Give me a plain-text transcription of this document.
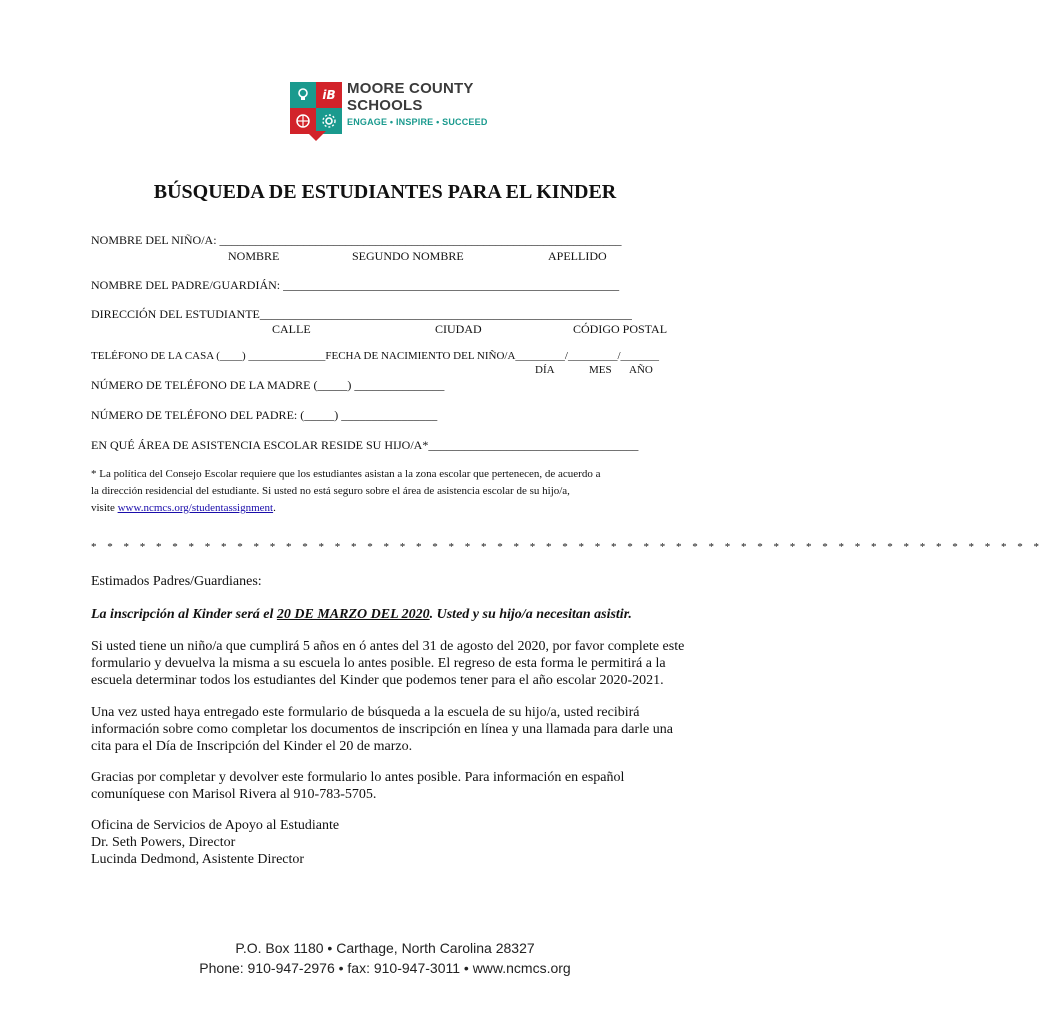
iB MOORE COUNTY
SCHOOLS
ENGAGE • INSPIRE • SUCCEED
BÚSQUEDA DE ESTUDIANTES PARA EL KINDER
NOMBRE DEL NIÑO/A: ___________________________________________________________________
NOMBRE	SEGUNDO NOMBRE	APELLIDO
NOMBRE DEL PADRE/GUARDIÁN: ________________________________________________________
DIRECCIÓN DEL ESTUDIANTE______________________________________________________________
CALLE	CIUDAD	CÓDIGO POSTAL
TELÉFONO DE LA CASA (____) ______________FECHA DE NACIMIENTO DEL NIÑO/A_________/_________/_______
DÍA	MES AÑO
NÚMERO DE TELÉFONO DE LA MADRE (_____) _______________
NÚMERO DE TELÉFONO DEL PADRE: (_____) ________________
EN QUÉ ÁREA DE ASISTENCIA ESCOLAR RESIDE SU HIJO/A*___________________________________
* La política del Consejo Escolar requiere que los estudiantes asistan a la zona escolar que pertenecen, de acuerdo a
la dirección residencial del estudiante. Si usted no está seguro sobre el área de asistencia escolar de su hijo/a,
visite www.ncmcs.org/studentassignment.
* * * * * * * * * * * * * * * * * * * * * * * * * * * * * * * * * * * * * * * * * * * * * * * * * * * * * * * * * * *
Estimados Padres/Guardianes:
La inscripción al Kinder será el 20 DE MARZO DEL 2020. Usted y su hijo/a necesitan asistir.
Si usted tiene un niño/a que cumplirá 5 años en ó antes del 31 de agosto del 2020, por favor complete este formulario y devuelva la misma a su escuela lo antes posible. El regreso de esta forma le permitirá a la escuela determinar todos los estudiantes del Kinder que podemos tener para el año escolar 2020-2021.
Una vez usted haya entregado este formulario de búsqueda a la escuela de su hijo/a, usted recibirá información sobre como completar los documentos de inscripción en línea y una llamada para darle una cita para el Día de Inscripción del Kinder el 20 de marzo.
Gracias por completar y devolver este formulario lo antes posible. Para información en español comuníquese con Marisol Rivera al 910-783-5705.
Oficina de Servicios de Apoyo al Estudiante
Dr. Seth Powers, Director
Lucinda Dedmond, Asistente Director
P.O. Box 1180 • Carthage, North Carolina 28327
Phone: 910-947-2976 • fax: 910-947-3011 • www.ncmcs.org
